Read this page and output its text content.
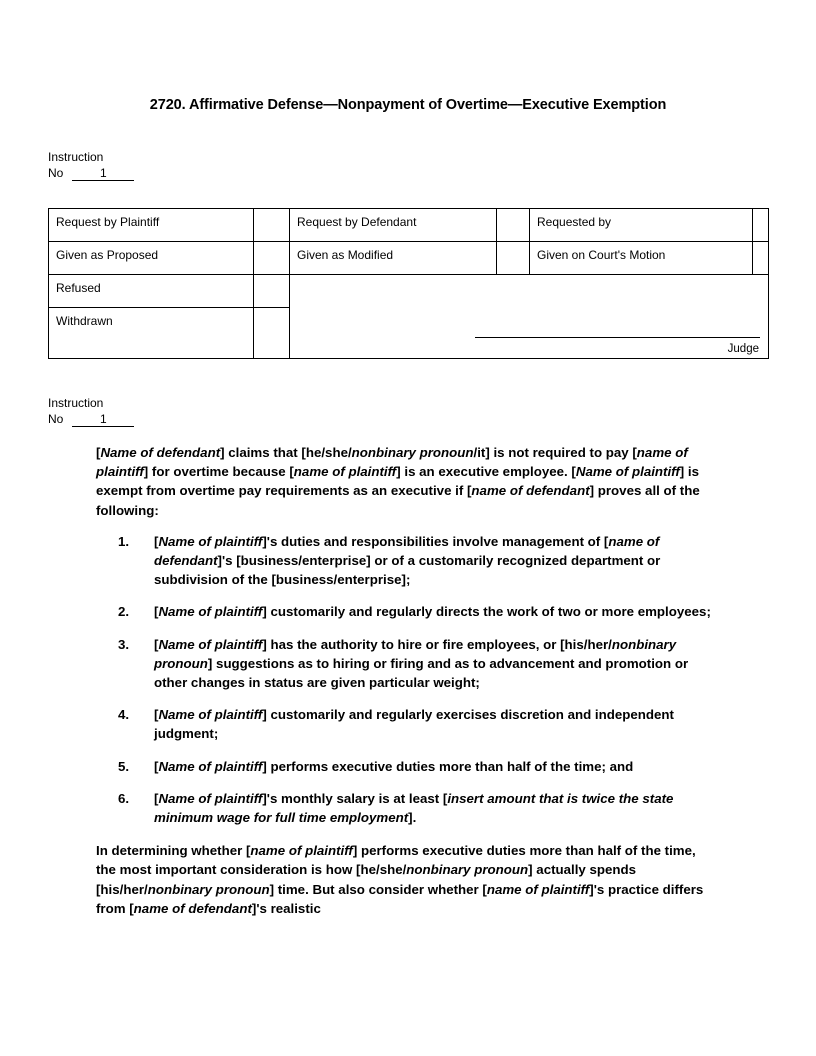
2720. Affirmative Defense—Nonpayment of Overtime—Executive Exemption
Instruction
No	1
Request by Plaintiff		Request by Defendant		Requested by	
Given as Proposed		Given as Modified		Given on Court's Motion	
Refused		Judge			

Withdrawn					
Instruction
No	1

[Name of defendant] claims that [he/she/nonbinary pronoun/it] is not required to pay [name of plaintiff] for overtime because [name of plaintiff] is an executive employee. [Name of plaintiff] is exempt from overtime pay requirements as an executive if [name of defendant] proves all of the following:

1.	[Name of plaintiff]'s duties and responsibilities involve management of [name of defendant]'s [business/enterprise] or of a customarily recognized department or subdivision of the [business/enterprise];
2.	[Name of plaintiff] customarily and regularly directs the work of two or more employees;
3.	[Name of plaintiff] has the authority to hire or fire employees, or [his/her/nonbinary pronoun] suggestions as to hiring or firing and as to advancement and promotion or other changes in status are given particular weight;
4.	[Name of plaintiff] customarily and regularly exercises discretion and independent judgment;
5.	[Name of plaintiff] performs executive duties more than half of the time; and
6.	[Name of plaintiff]'s monthly salary is at least [insert amount that is twice the state minimum wage for full time employment].

In determining whether [name of plaintiff] performs executive duties more than half of the time, the most important consideration is how [he/she/nonbinary pronoun] actually spends [his/her/nonbinary pronoun] time. But also consider whether [name of plaintiff]'s practice differs from [name of defendant]'s realistic
